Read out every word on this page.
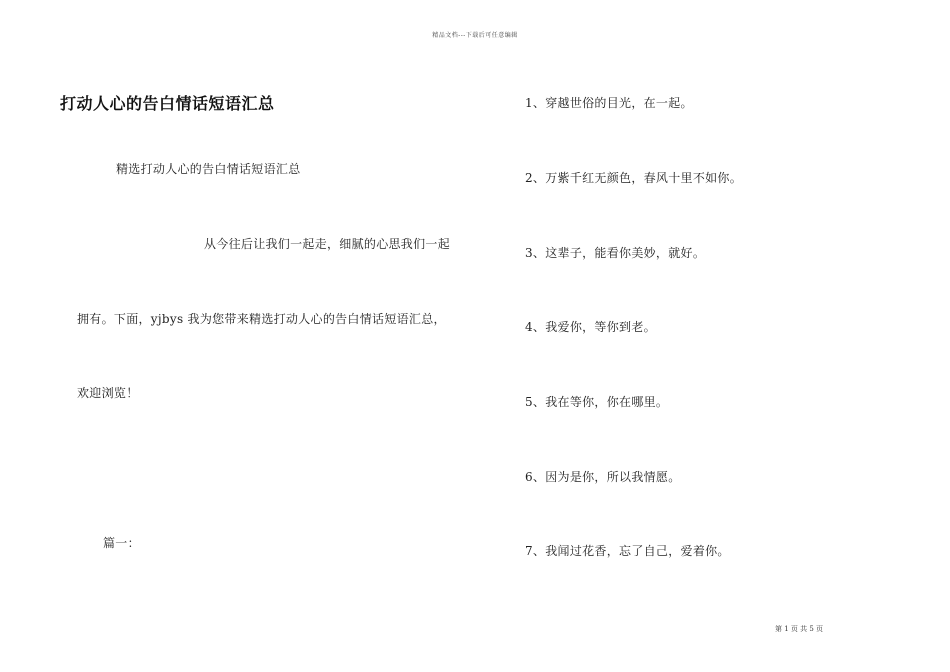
精品文档---下载后可任意编辑
打动人心的告白情话短语汇总
精选打动人心的告白情话短语汇总
从今往后让我们一起走，细腻的心思我们一起
拥有。下面，yjbys 我为您带来精选打动人心的告白情话短语汇总，
欢迎浏览！
篇一：
1、穿越世俗的目光，在一起。
2、万紫千红无颜色，春风十里不如你。
3、这辈子，能看你美妙，就好。
4、我爱你，等你到老。
5、我在等你，你在哪里。
6、因为是你，所以我情愿。
7、我闻过花香，忘了自己，爱着你。
第 1 页 共 5 页
